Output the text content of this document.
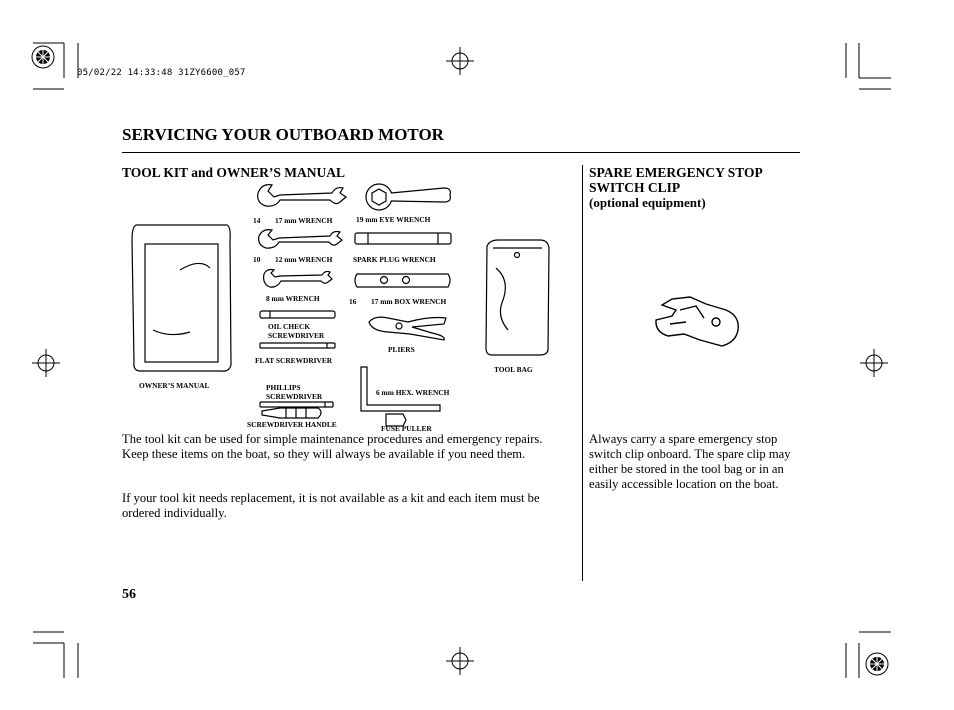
05/02/22 14:33:48 31ZY6600_057
SERVICING YOUR OUTBOARD MOTOR
TOOL KIT and OWNER’S MANUAL
14 17 mm WRENCH	19 mm EYE WRENCH
10 12 mm WRENCH	SPARK PLUG WRENCH
8 mm WRENCH	16 17 mm BOX WRENCH
OIL CHECK
SCREWDRIVER
PLIERS
FLAT SCREWDRIVER
TOOL BAG
OWNER’S MANUAL	PHILLIPS
SCREWDRIVER	6 mm HEX. WRENCH
SCREWDRIVER HANDLE	FUSE PULLER
The tool kit can be used for simple maintenance procedures and emergency repairs. Keep these items on the boat, so they will always be available if you need them.
If your tool kit needs replacement, it is not available as a kit and each item must be ordered individually.
SPARE EMERGENCY STOP
SWITCH CLIP
(optional equipment)
Always carry a spare emergency stop switch clip onboard. The spare clip may either be stored in the tool bag or in an easily accessible location on the boat.
56
